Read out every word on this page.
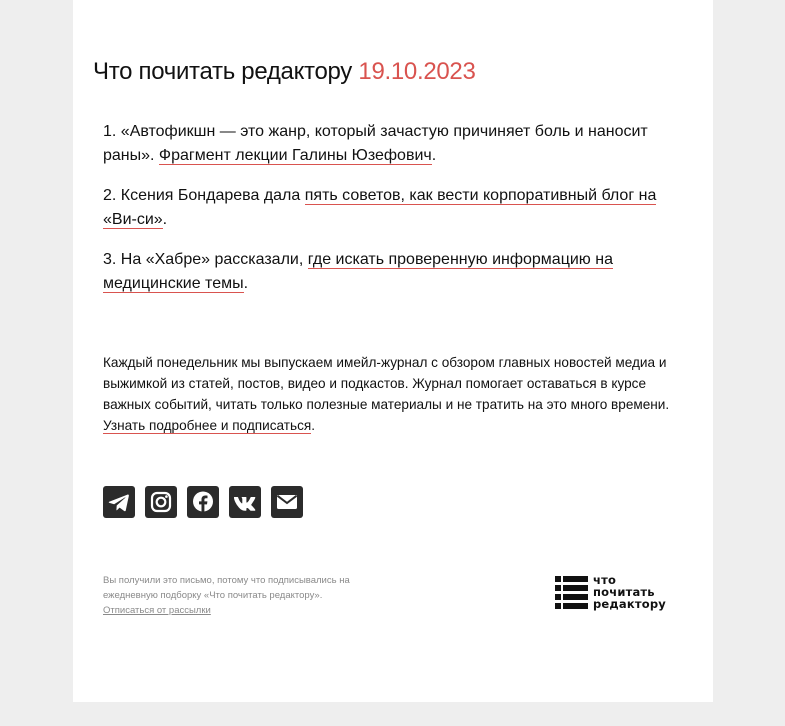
Что почитать редактору 19.10.2023

1. «Автофикшн — это жанр, который зачастую причиняет боль и наносит раны». Фрагмент лекции Галины Юзефович.

2. Ксения Бондарева дала пять советов, как вести корпоративный блог на «Ви-си».

3. На «Хабре» рассказали, где искать проверенную информацию на медицинские темы.

Каждый понедельник мы выпускаем имейл-журнал с обзором главных новостей медиа и выжимкой из статей, постов, видео и подкастов. Журнал помогает оставаться в курсе важных событий, читать только полезные материалы и не тратить на это много времени. Узнать подробнее и подписаться.

Вы получили это письмо, потому что подписывались на ежедневную подборку «Что почитать редактору».
Отписаться от рассылки

что
почитать
редактору
